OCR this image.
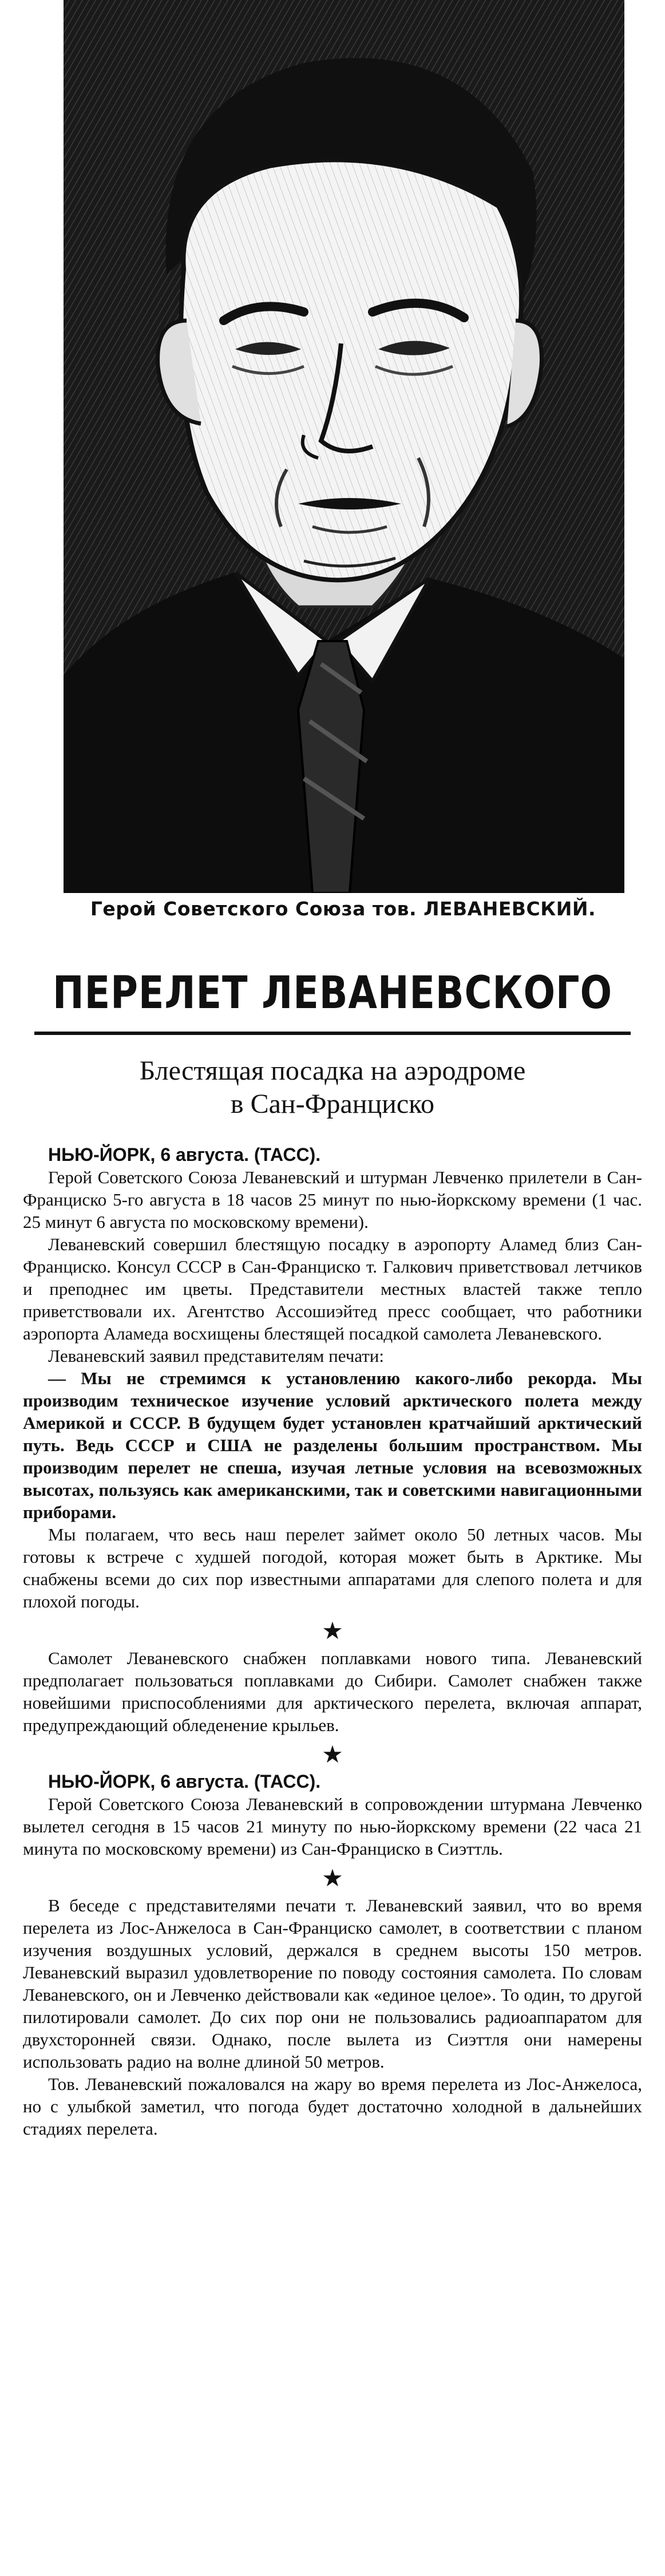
Герой Советского Союза тов. ЛЕВАНЕВСКИЙ.
ПЕРЕЛЕТ ЛЕВАНЕВСКОГО
Блестящая посадка на аэродроме
в Сан-Франциско
НЬЮ-ЙОРК, 6 августа. (ТАСС).

Герой Советского Союза Леваневский и штурман Левченко прилетели в Сан-Франциско 5-го августа в 18 часов 25 минут по нью-йоркскому времени (1 час. 25 минут 6 августа по московскому времени).

Леваневский совершил блестящую посадку в аэропорту Аламед близ Сан-Франциско. Консул СССР в Сан-Франциско т. Галкович приветствовал летчиков и преподнес им цветы. Представители местных властей также тепло приветствовали их. Агентство Ассошиэйтед пресс сообщает, что работники аэропорта Аламеда восхищены блестящей посадкой самолета Леваневского.

Леваневский заявил представителям печати:

— Мы не стремимся к установлению какого-либо рекорда. Мы производим техническое изучение условий арктического полета между Америкой и СССР. В будущем будет установлен кратчайший арктический путь. Ведь СССР и США не разделены большим пространством. Мы производим перелет не спеша, изучая летные условия на всевозможных высотах, пользуясь как американскими, так и советскими навигационными приборами.

Мы полагаем, что весь наш перелет займет около 50 летных часов. Мы готовы к встрече с худшей погодой, которая может быть в Арктике. Мы снабжены всеми до сих пор известными аппаратами для слепого полета и для плохой погоды.

★

Самолет Леваневского снабжен поплавками нового типа. Леваневский предполагает пользоваться поплавками до Сибири. Самолет снабжен также новейшими приспособлениями для арктического перелета, включая аппарат, предупреждающий обледенение крыльев.

★
НЬЮ-ЙОРК, 6 августа. (ТАСС).

Герой Советского Союза Леваневский в сопровождении штурмана Левченко вылетел сегодня в 15 часов 21 минуту по нью-йоркскому времени (22 часа 21 минута по московскому времени) из Сан-Франциско в Сиэттль.

★

В беседе с представителями печати т. Леваневский заявил, что во время перелета из Лос-Анжелоса в Сан-Франциско самолет, в соответствии с планом изучения воздушных условий, держался в среднем высоты 150 метров. Леваневский выразил удовлетворение по поводу состояния самолета. По словам Леваневского, он и Левченко действовали как «единое целое». То один, то другой пилотировали самолет. До сих пор они не пользовались радиоаппаратом для двухсторонней связи. Однако, после вылета из Сиэттля они намерены использовать радио на волне длиной 50 метров.

Тов. Леваневский пожаловался на жару во время перелета из Лос-Анжелоса, но с улыбкой заметил, что погода будет достаточно холодной в дальнейших стадиях перелета.
